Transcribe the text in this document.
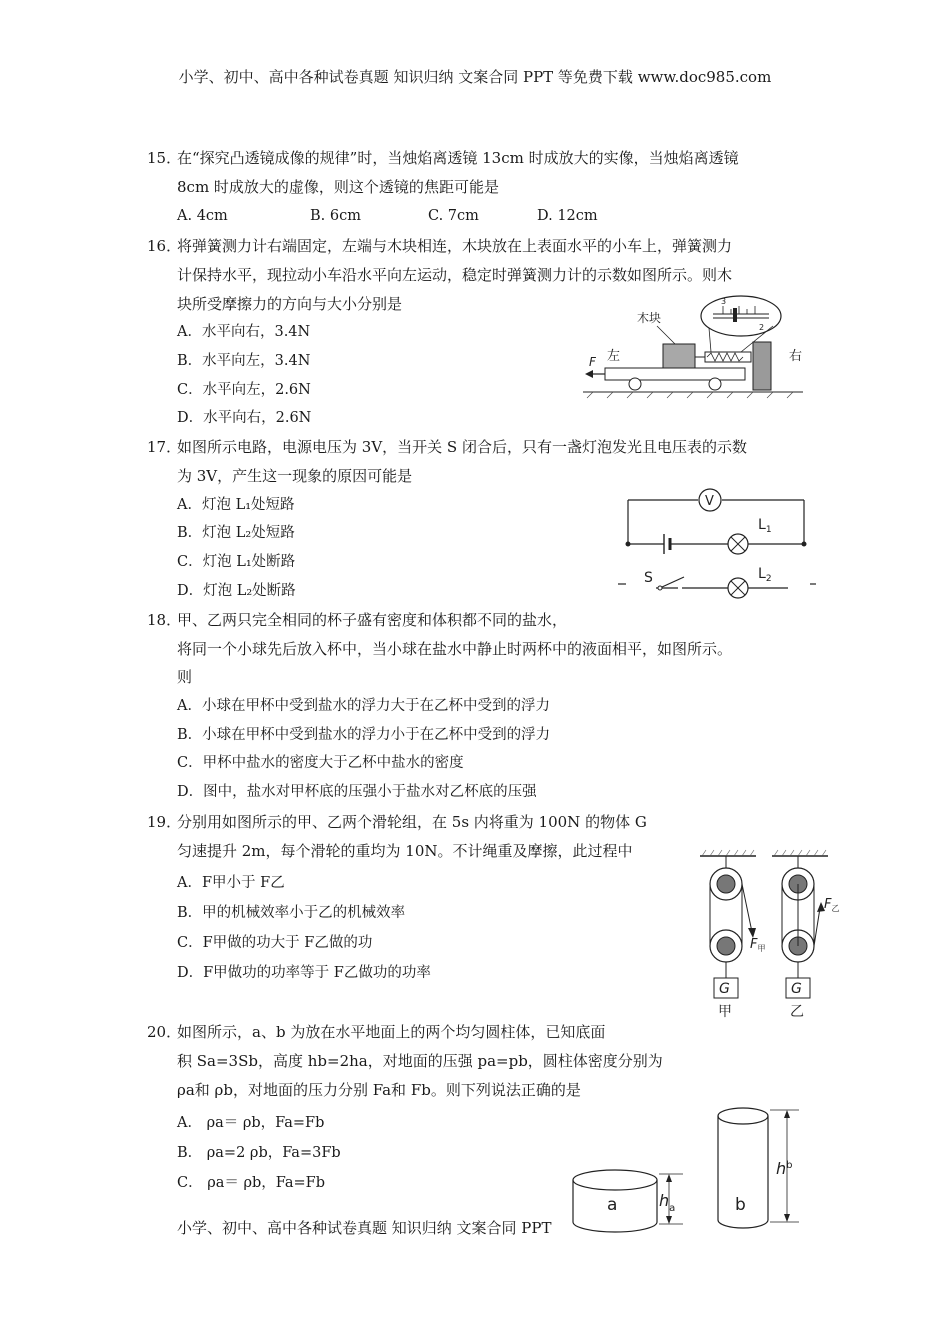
小学、初中、高中各种试卷真题 知识归纳 文案合同 PPT 等免费下载 www.doc985.com
15．在“探究凸透镜成像的规律”时，当烛焰离透镜 13cm 时成放大的实像，当烛焰离透镜
8cm 时成放大的虚像，则这个透镜的焦距可能是
A. 4cm	B. 6cm	C. 7cm	D. 12cm
16．将弹簧测力计右端固定，左端与木块相连，木块放在上表面水平的小车上，弹簧测力
计保持水平，现拉动小车沿水平向左运动，稳定时弹簧测力计的示数如图所示。则木
块所受摩擦力的方向与大小分别是
A．水平向右，3.4N
B．水平向左，3.4N
C．水平向左，2.6N
D．水平向右，2.6N
3
2
木块
F 左	右
17．如图所示电路，电源电压为 3V，当开关 S 闭合后，只有一盏灯泡发光且电压表的示数
为 3V，产生这一现象的原因可能是
A．灯泡 L₁处短路
B．灯泡 L₂处短路
C．灯泡 L₁处断路
D．灯泡 L₂处断路
V
$L_1$
S	$L_2$
18．甲、乙两只完全相同的杯子盛有密度和体积都不同的盐水，
将同一个小球先后放入杯中，当小球在盐水中静止时两杯中的液面相平，如图所示。
则
A．小球在甲杯中受到盐水的浮力大于在乙杯中受到的浮力
B．小球在甲杯中受到盐水的浮力小于在乙杯中受到的浮力
C．甲杯中盐水的密度大于乙杯中盐水的密度
D．图中，盐水对甲杯底的压强小于盐水对乙杯底的压强
19．分别用如图所示的甲、乙两个滑轮组，在 5s 内将重为 100N 的物体 G
匀速提升 2m，每个滑轮的重均为 10N。不计绳重及摩擦，此过程中
A．F甲小于 F乙
B．甲的机械效率小于乙的机械效率
C．F甲做的功大于 F乙做的功
D．F甲做功的功率等于 F乙做功的功率
$F_甲$
G
甲
$F_乙$
G
乙
20．如图所示，a、b 为放在水平地面上的两个均匀圆柱体，已知底面
积 Sa=3Sb，高度 hb=2ha，对地面的压强 pa=pb，圆柱体密度分别为
ρa和 ρb，对地面的压力分别 Fa和 Fb。则下列说法正确的是
A． ρa＝ ρb，Fa=Fb
B． ρa=2 ρb，Fa=3Fb
C． ρa＝ ρb，Fa=Fb
小学、初中、高中各种试卷真题 知识归纳 文案合同 PPT
a	$h_a$	b
$h^b$
